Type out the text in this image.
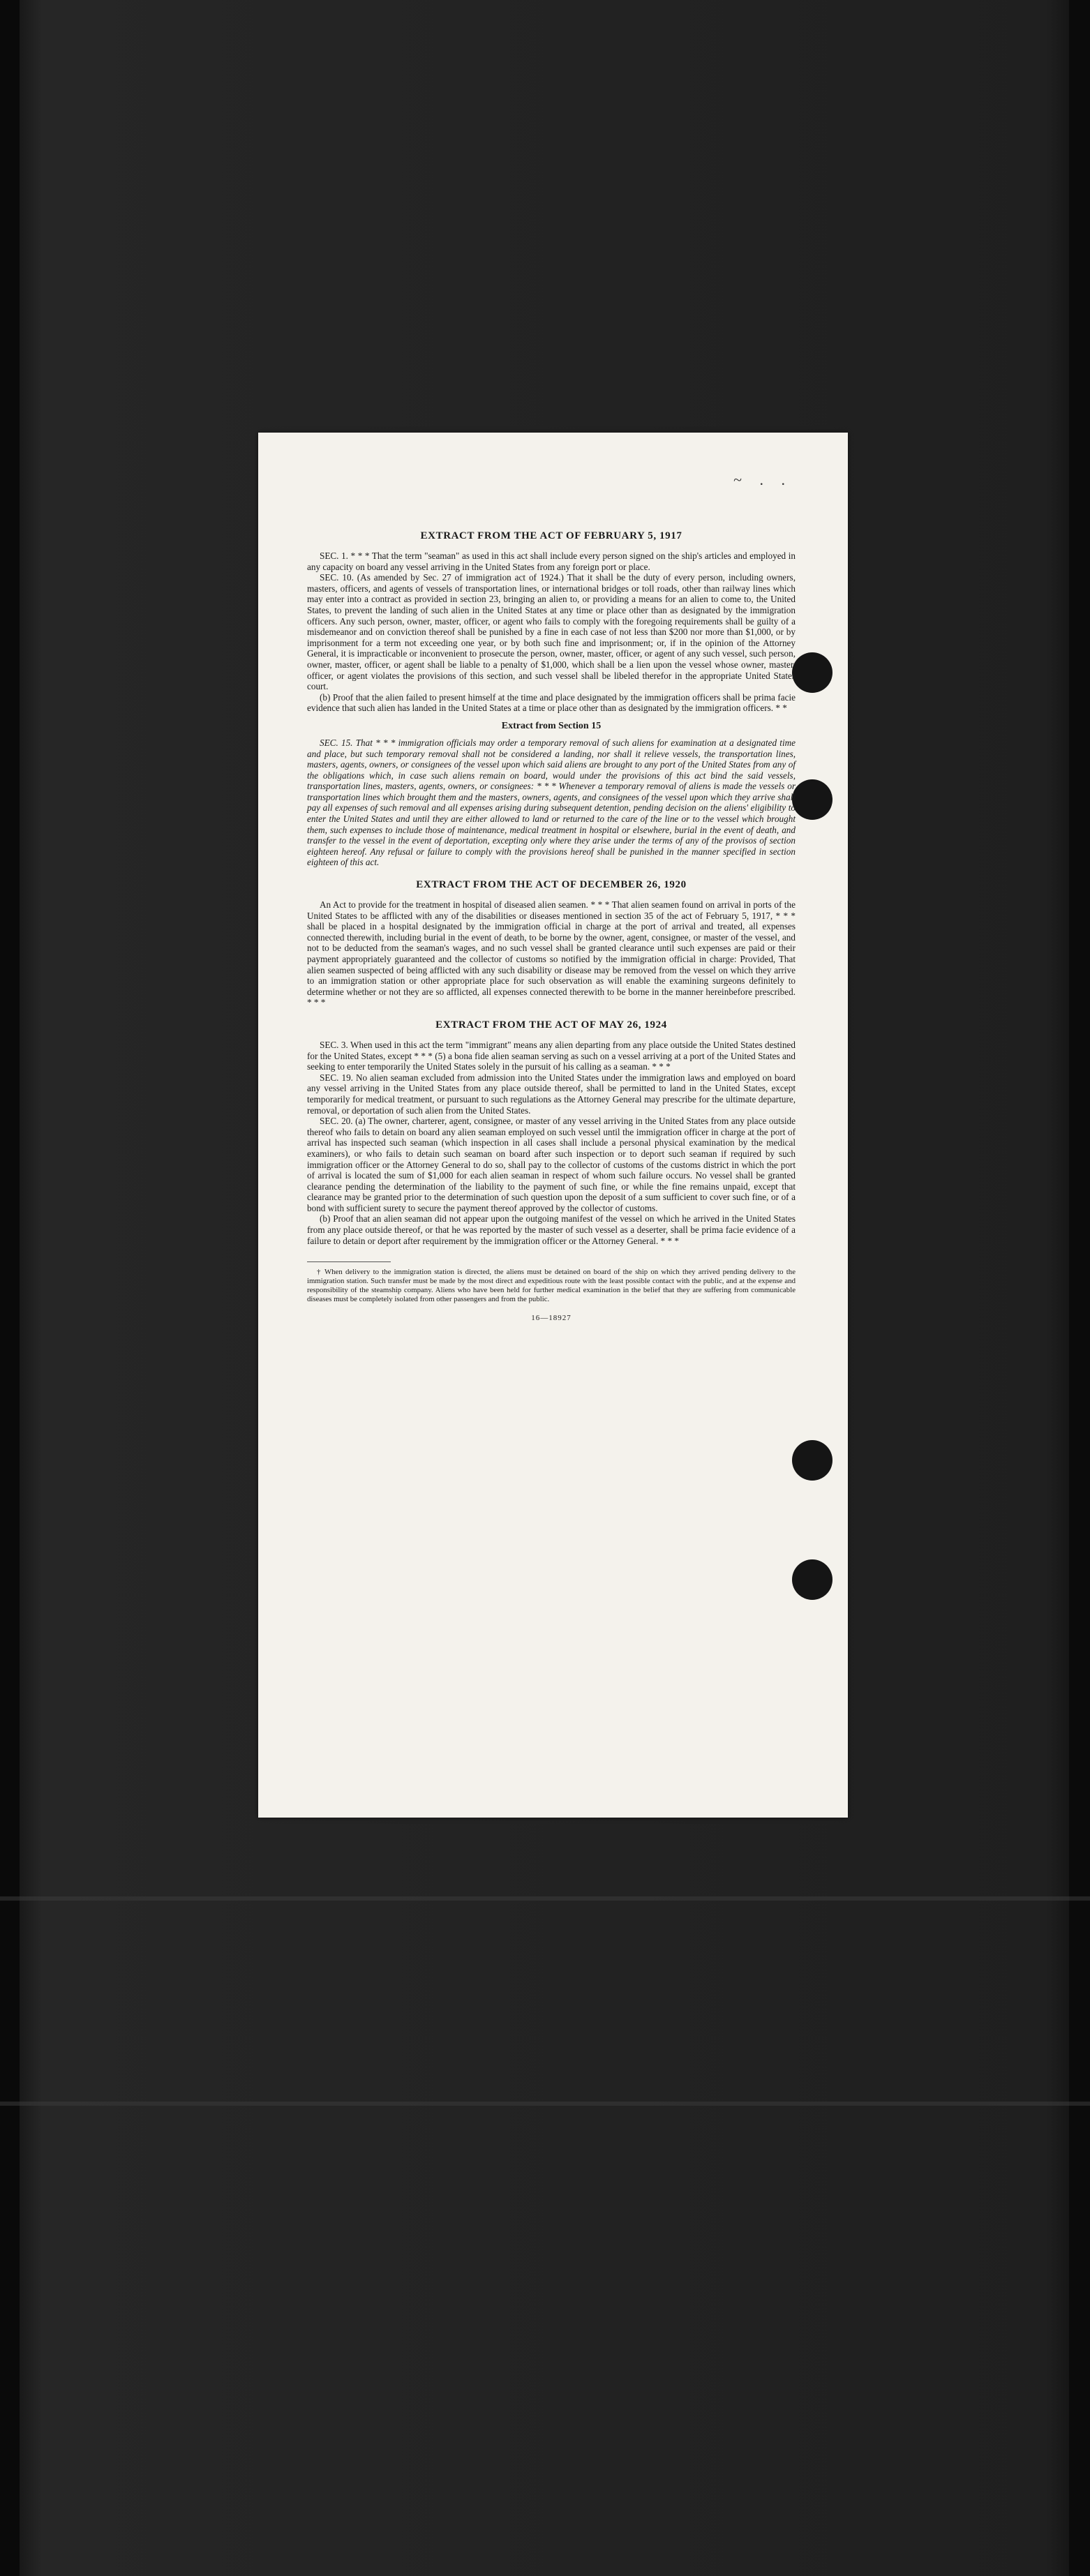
~ . .
EXTRACT FROM THE ACT OF FEBRUARY 5, 1917

SEC. 1. * * * That the term "seaman" as used in this act shall include every person signed on the ship's articles and employed in any capacity on board any vessel arriving in the United States from any foreign port or place.

SEC. 10. (As amended by Sec. 27 of immigration act of 1924.) That it shall be the duty of every person, including owners, masters, officers, and agents of vessels of transportation lines, or international bridges or toll roads, other than railway lines which may enter into a contract as provided in section 23, bringing an alien to, or providing a means for an alien to come to, the United States, to prevent the landing of such alien in the United States at any time or place other than as designated by the immigration officers. Any such person, owner, master, officer, or agent who fails to comply with the foregoing requirements shall be guilty of a misdemeanor and on conviction thereof shall be punished by a fine in each case of not less than $200 nor more than $1,000, or by imprisonment for a term not exceeding one year, or by both such fine and imprisonment; or, if in the opinion of the Attorney General, it is impracticable or inconvenient to prosecute the person, owner, master, officer, or agent of any such vessel, such person, owner, master, officer, or agent shall be liable to a penalty of $1,000, which shall be a lien upon the vessel whose owner, master, officer, or agent violates the provisions of this section, and such vessel shall be libeled therefor in the appropriate United States court.

(b) Proof that the alien failed to present himself at the time and place designated by the immigration officers shall be prima facie evidence that such alien has landed in the United States at a time or place other than as designated by the immigration officers. * *

Extract from Section 15

SEC. 15. That * * * immigration officials may order a temporary removal of such aliens for examination at a designated time and place, but such temporary removal shall not be considered a landing, nor shall it relieve vessels, the transportation lines, masters, agents, owners, or consignees of the vessel upon which said aliens are brought to any port of the United States from any of the obligations which, in case such aliens remain on board, would under the provisions of this act bind the said vessels, transportation lines, masters, agents, owners, or consignees: * * * Whenever a temporary removal of aliens is made the vessels or transportation lines which brought them and the masters, owners, agents, and consignees of the vessel upon which they arrive shall pay all expenses of such removal and all expenses arising during subsequent detention, pending decision on the aliens' eligibility to enter the United States and until they are either allowed to land or returned to the care of the line or to the vessel which brought them, such expenses to include those of maintenance, medical treatment in hospital or elsewhere, burial in the event of death, and transfer to the vessel in the event of deportation, excepting only where they arise under the terms of any of the provisos of section eighteen hereof. Any refusal or failure to comply with the provisions hereof shall be punished in the manner specified in section eighteen of this act.

EXTRACT FROM THE ACT OF DECEMBER 26, 1920

An Act to provide for the treatment in hospital of diseased alien seamen. * * * That alien seamen found on arrival in ports of the United States to be afflicted with any of the disabilities or diseases mentioned in section 35 of the act of February 5, 1917, * * * shall be placed in a hospital designated by the immigration official in charge at the port of arrival and treated, all expenses connected therewith, including burial in the event of death, to be borne by the owner, agent, consignee, or master of the vessel, and not to be deducted from the seaman's wages, and no such vessel shall be granted clearance until such expenses are paid or their payment appropriately guaranteed and the collector of customs so notified by the immigration official in charge: Provided, That alien seamen suspected of being afflicted with any such disability or disease may be removed from the vessel on which they arrive to an immigration station or other appropriate place for such observation as will enable the examining surgeons definitely to determine whether or not they are so afflicted, all expenses connected therewith to be borne in the manner hereinbefore prescribed. * * *

EXTRACT FROM THE ACT OF MAY 26, 1924

SEC. 3. When used in this act the term "immigrant" means any alien departing from any place outside the United States destined for the United States, except * * * (5) a bona fide alien seaman serving as such on a vessel arriving at a port of the United States and seeking to enter temporarily the United States solely in the pursuit of his calling as a seaman. * * *

SEC. 19. No alien seaman excluded from admission into the United States under the immigration laws and employed on board any vessel arriving in the United States from any place outside thereof, shall be permitted to land in the United States, except temporarily for medical treatment, or pursuant to such regulations as the Attorney General may prescribe for the ultimate departure, removal, or deportation of such alien from the United States.

SEC. 20. (a) The owner, charterer, agent, consignee, or master of any vessel arriving in the United States from any place outside thereof who fails to detain on board any alien seaman employed on such vessel until the immigration officer in charge at the port of arrival has inspected such seaman (which inspection in all cases shall include a personal physical examination by the medical examiners), or who fails to detain such seaman on board after such inspection or to deport such seaman if required by such immigration officer or the Attorney General to do so, shall pay to the collector of customs of the customs district in which the port of arrival is located the sum of $1,000 for each alien seaman in respect of whom such failure occurs. No vessel shall be granted clearance pending the determination of the liability to the payment of such fine, or while the fine remains unpaid, except that clearance may be granted prior to the determination of such question upon the deposit of a sum sufficient to cover such fine, or of a bond with sufficient surety to secure the payment thereof approved by the collector of customs.

(b) Proof that an alien seaman did not appear upon the outgoing manifest of the vessel on which he arrived in the United States from any place outside thereof, or that he was reported by the master of such vessel as a deserter, shall be prima facie evidence of a failure to detain or deport after requirement by the immigration officer or the Attorney General. * * *

† When delivery to the immigration station is directed, the aliens must be detained on board of the ship on which they arrived pending delivery to the immigration station. Such transfer must be made by the most direct and expeditious route with the least possible contact with the public, and at the expense and responsibility of the steamship company. Aliens who have been held for further medical examination in the belief that they are suffering from communicable diseases must be completely isolated from other passengers and from the public.

16—18927
